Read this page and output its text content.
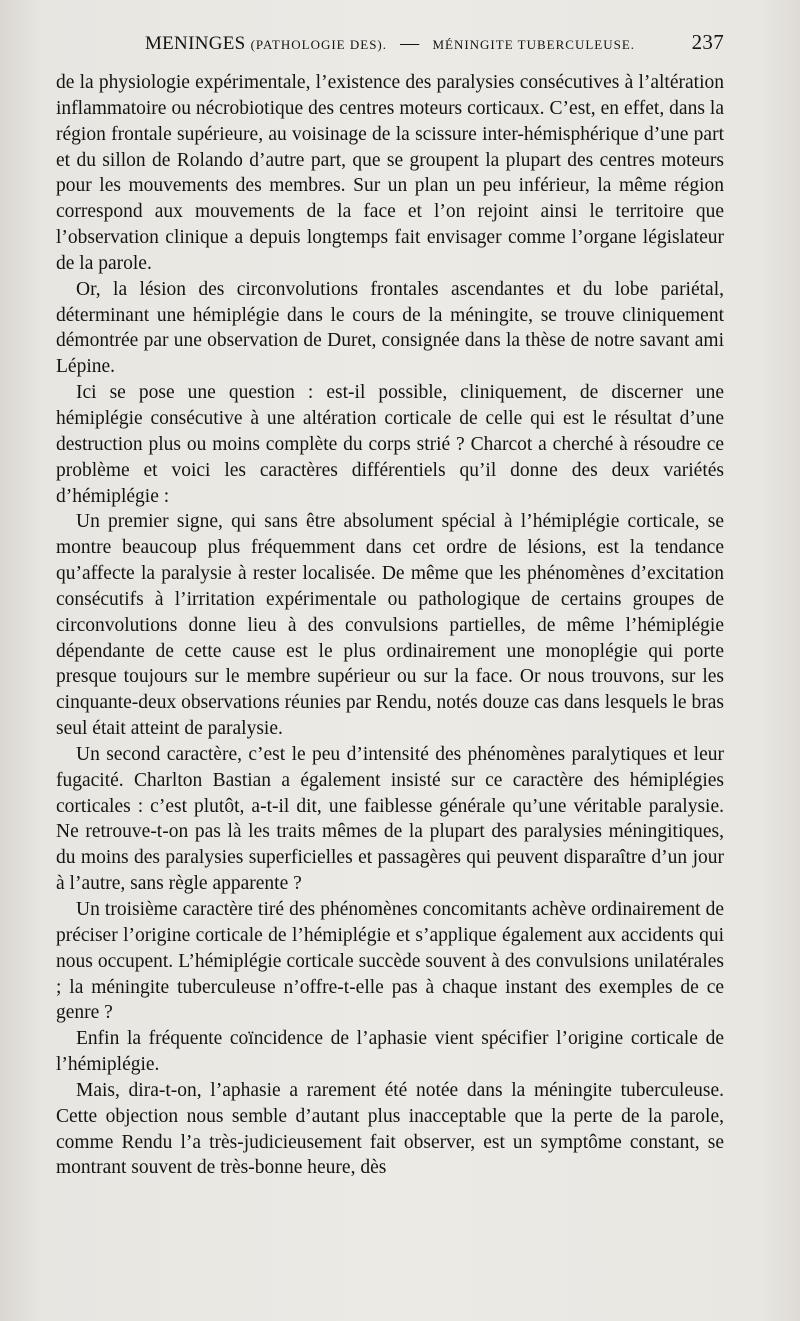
MENINGES (PATHOLOGIE DES). — MÉNINGITE TUBERCULEUSE.	237

de la physiologie expérimentale, l’existence des paralysies consécutives à l’altération inflammatoire ou nécrobiotique des centres moteurs corticaux. C’est, en effet, dans la région frontale supérieure, au voisinage de la scissure inter-hémisphérique d’une part et du sillon de Rolando d’autre part, que se groupent la plupart des centres moteurs pour les mouvements des membres. Sur un plan un peu inférieur, la même région correspond aux mouvements de la face et l’on rejoint ainsi le territoire que l’observation clinique a depuis longtemps fait envisager comme l’organe législateur de la parole.

Or, la lésion des circonvolutions frontales ascendantes et du lobe pariétal, déterminant une hémiplégie dans le cours de la méningite, se trouve cliniquement démontrée par une observation de Duret, consignée dans la thèse de notre savant ami Lépine.

Ici se pose une question : est-il possible, cliniquement, de discerner une hémiplégie consécutive à une altération corticale de celle qui est le résultat d’une destruction plus ou moins complète du corps strié ? Charcot a cherché à résoudre ce problème et voici les caractères différentiels qu’il donne des deux variétés d’hémiplégie :

Un premier signe, qui sans être absolument spécial à l’hémiplégie corticale, se montre beaucoup plus fréquemment dans cet ordre de lésions, est la tendance qu’affecte la paralysie à rester localisée. De même que les phénomènes d’excitation consécutifs à l’irritation expérimentale ou pathologique de certains groupes de circonvolutions donne lieu à des convulsions partielles, de même l’hémiplégie dépendante de cette cause est le plus ordinairement une monoplégie qui porte presque toujours sur le membre supérieur ou sur la face. Or nous trouvons, sur les cinquante-deux observations réunies par Rendu, notés douze cas dans lesquels le bras seul était atteint de paralysie.

Un second caractère, c’est le peu d’intensité des phénomènes paralytiques et leur fugacité. Charlton Bastian a également insisté sur ce caractère des hémiplégies corticales : c’est plutôt, a-t-il dit, une faiblesse générale qu’une véritable paralysie. Ne retrouve-t-on pas là les traits mêmes de la plupart des paralysies méningitiques, du moins des paralysies superficielles et passagères qui peuvent disparaître d’un jour à l’autre, sans règle apparente ?

Un troisième caractère tiré des phénomènes concomitants achève ordinairement de préciser l’origine corticale de l’hémiplégie et s’applique également aux accidents qui nous occupent. L’hémiplégie corticale succède souvent à des convulsions unilatérales ; la méningite tuberculeuse n’offre-t-elle pas à chaque instant des exemples de ce genre ?

Enfin la fréquente coïncidence de l’aphasie vient spécifier l’origine corticale de l’hémiplégie.

Mais, dira-t-on, l’aphasie a rarement été notée dans la méningite tuberculeuse. Cette objection nous semble d’autant plus inacceptable que la perte de la parole, comme Rendu l’a très-judicieusement fait observer, est un symptôme constant, se montrant souvent de très-bonne heure, dès
